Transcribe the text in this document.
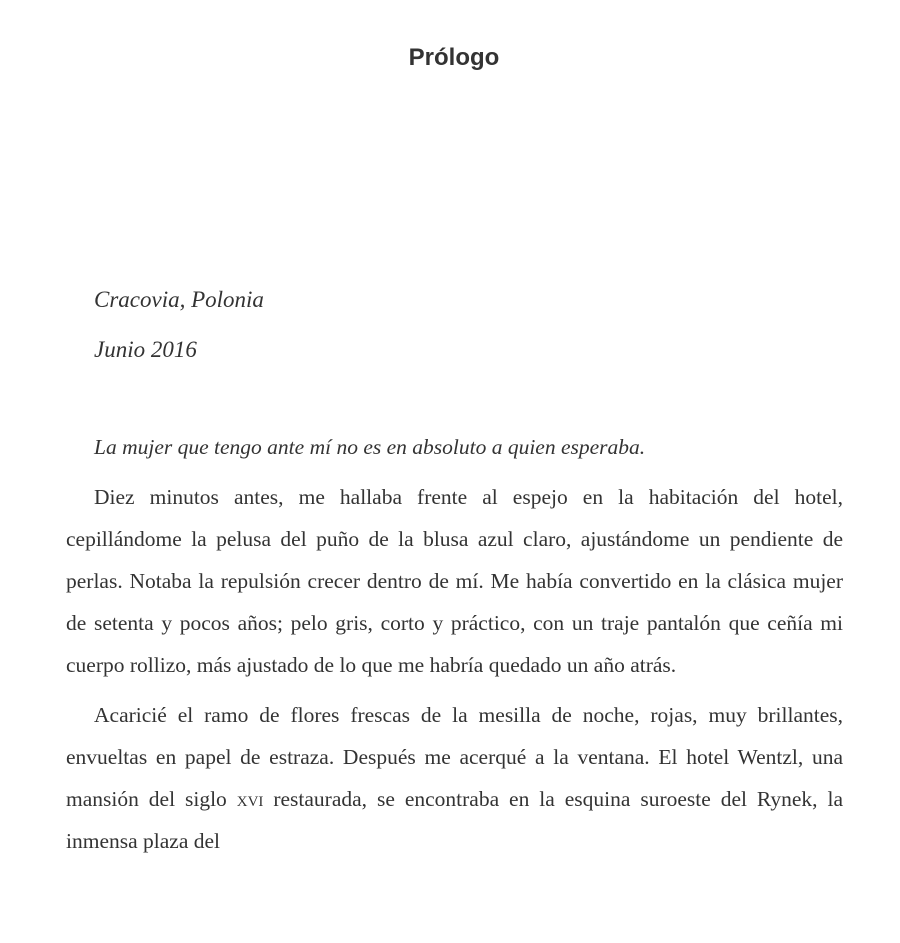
Prólogo

Cracovia, Polonia

Junio 2016

La mujer que tengo ante mí no es en absoluto a quien esperaba.

Diez minutos antes, me hallaba frente al espejo en la habitación del hotel, cepillándome la pelusa del puño de la blusa azul claro, ajustándome un pendiente de perlas. Notaba la repulsión crecer dentro de mí. Me había convertido en la clásica mujer de setenta y pocos años; pelo gris, corto y práctico, con un traje pantalón que ceñía mi cuerpo rollizo, más ajustado de lo que me habría quedado un año atrás.

Acaricié el ramo de flores frescas de la mesilla de noche, rojas, muy brillantes, envueltas en papel de estraza. Después me acerqué a la ventana. El hotel Wentzl, una mansión del siglo xvi restaurada, se encontraba en la esquina suroeste del Rynek, la inmensa plaza del
